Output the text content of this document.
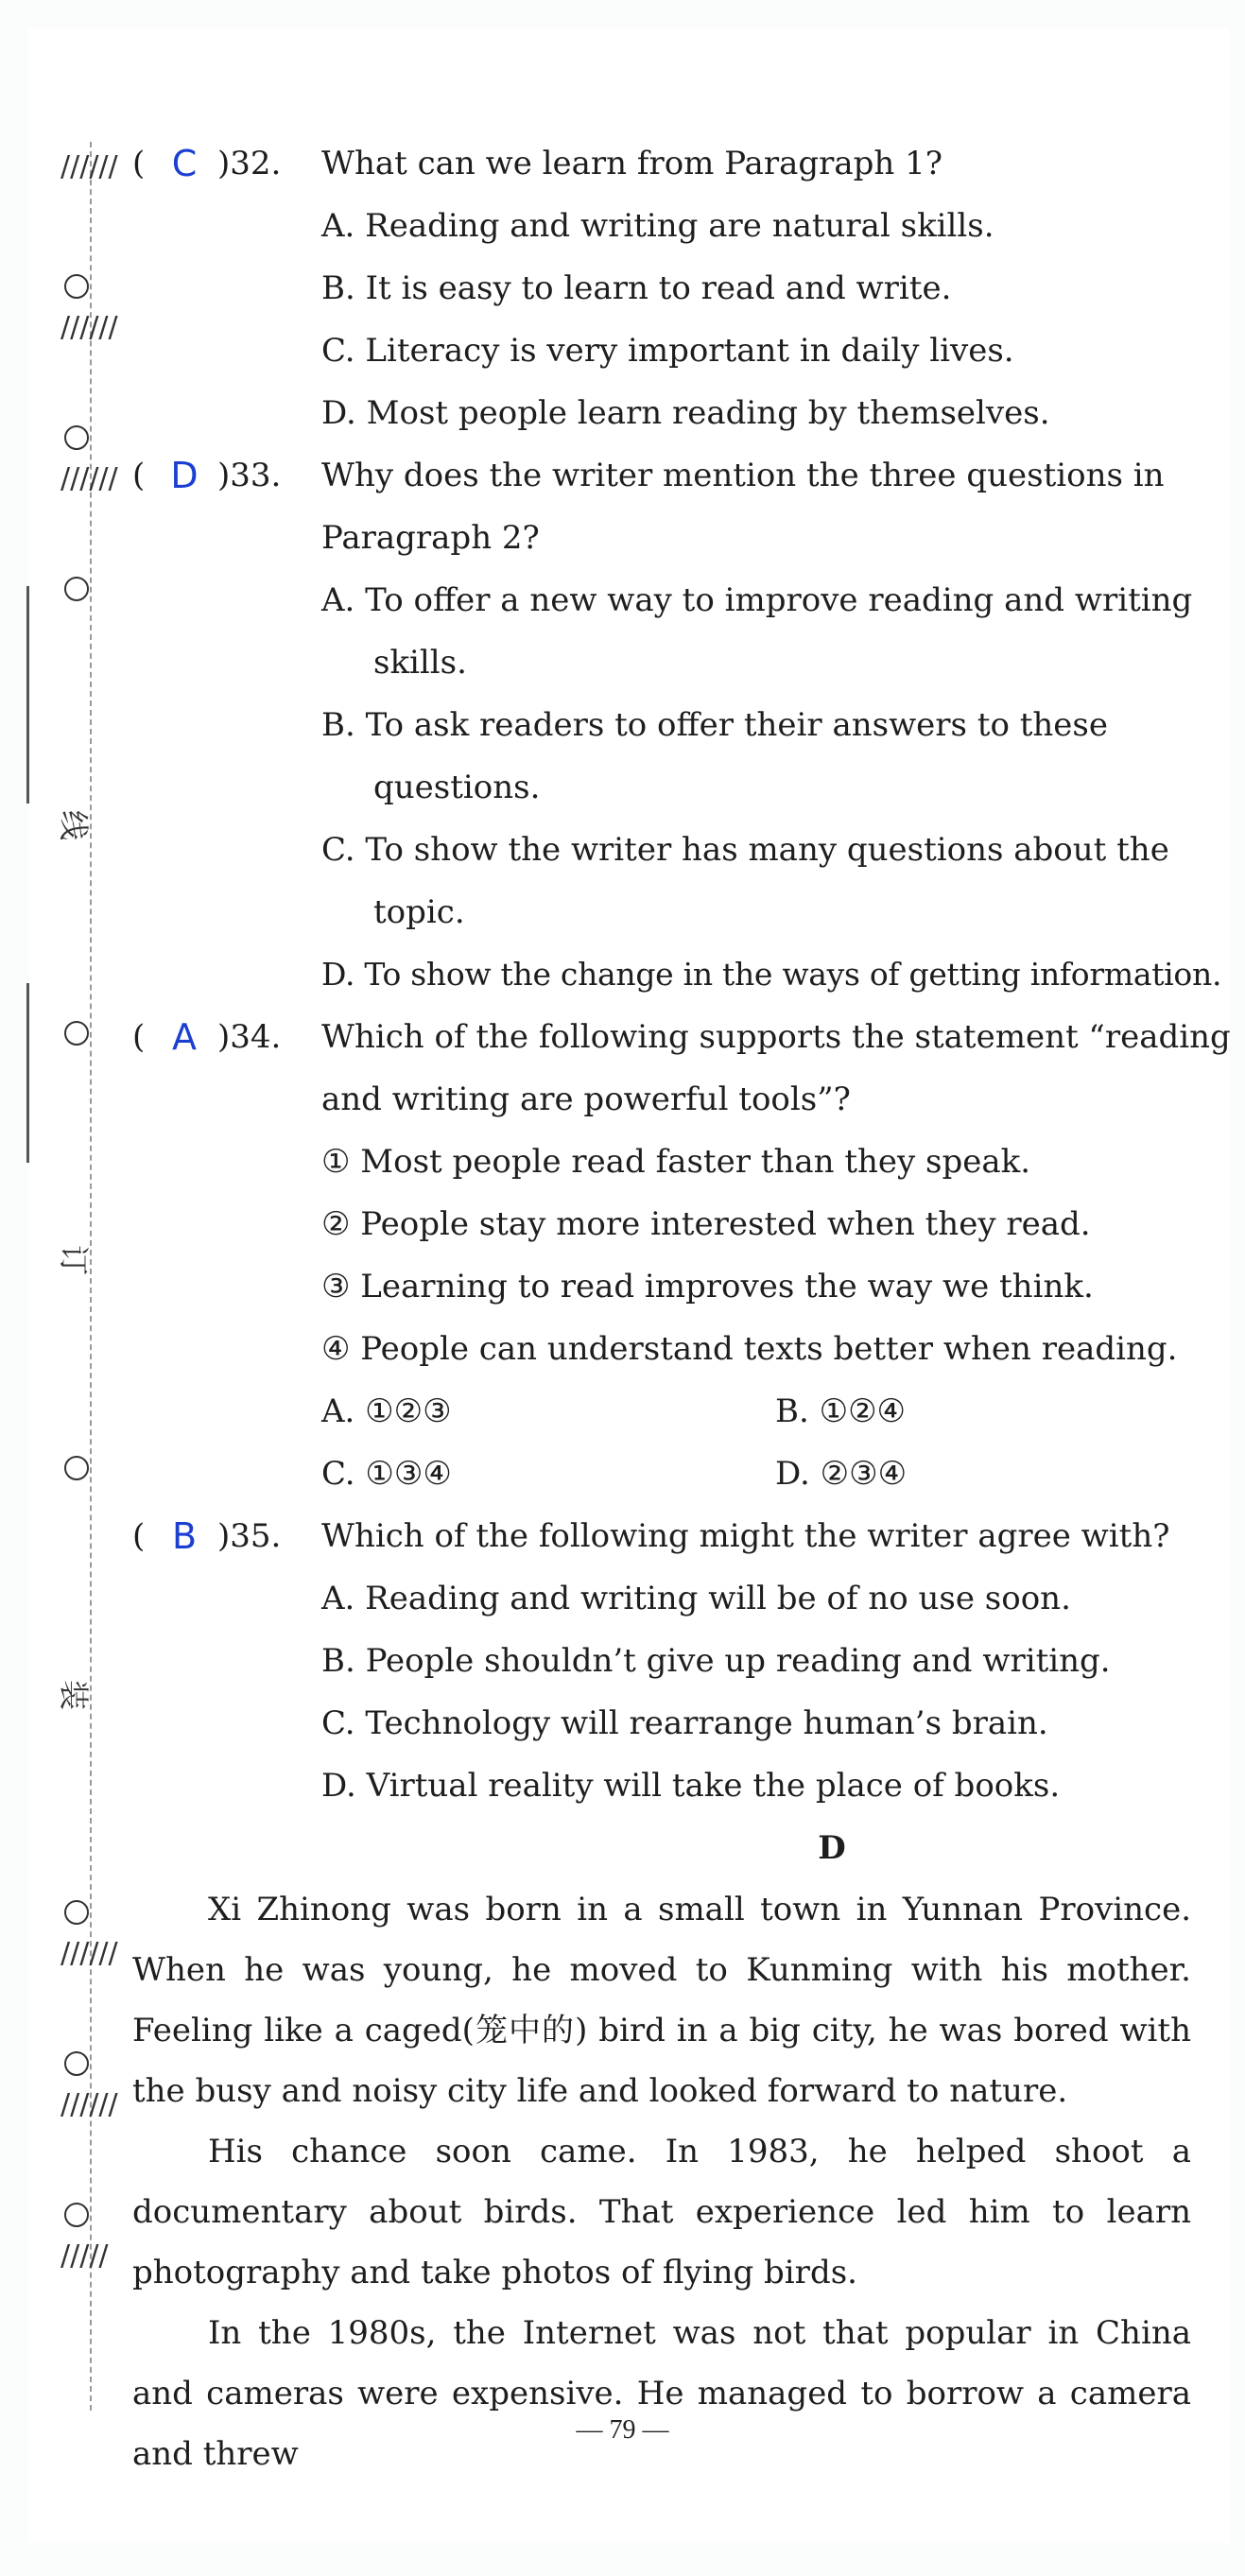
//////
//////
//////
线
订
装
//////
//////
/////
( C )32. What can we learn from Paragraph 1?
A. Reading and writing are natural skills.
B. It is easy to learn to read and write.
C. Literacy is very important in daily lives.
D. Most people learn reading by themselves.
( D )33. Why does the writer mention the three questions in
Paragraph 2?
A. To offer a new way to improve reading and writing
skills.
B. To ask readers to offer their answers to these
questions.
C. To show the writer has many questions about the
topic.
D. To show the change in the ways of getting information.
( A )34. Which of the following supports the statement “reading
and writing are powerful tools”?
① Most people read faster than they speak.
② People stay more interested when they read.
③ Learning to read improves the way we think.
④ People can understand texts better when reading.
A. ①②③	B. ①②④
C. ①③④	D. ②③④
( B )35. Which of the following might the writer agree with?
A. Reading and writing will be of no use soon.
B. People shouldn’t give up reading and writing.
C. Technology will rearrange human’s brain.
D. Virtual reality will take the place of books.
D
Xi Zhinong was born in a small town in Yunnan Province. When he was young, he moved to Kunming with his mother. Feeling like a caged(笼中的) bird in a big city, he was bored with the busy and noisy city life and looked forward to nature.
His chance soon came. In 1983, he helped shoot a documentary about birds. That experience led him to learn photography and take photos of flying birds.
In the 1980s, the Internet was not that popular in China and cameras were expensive. He managed to borrow a camera and threw
— 79 —
